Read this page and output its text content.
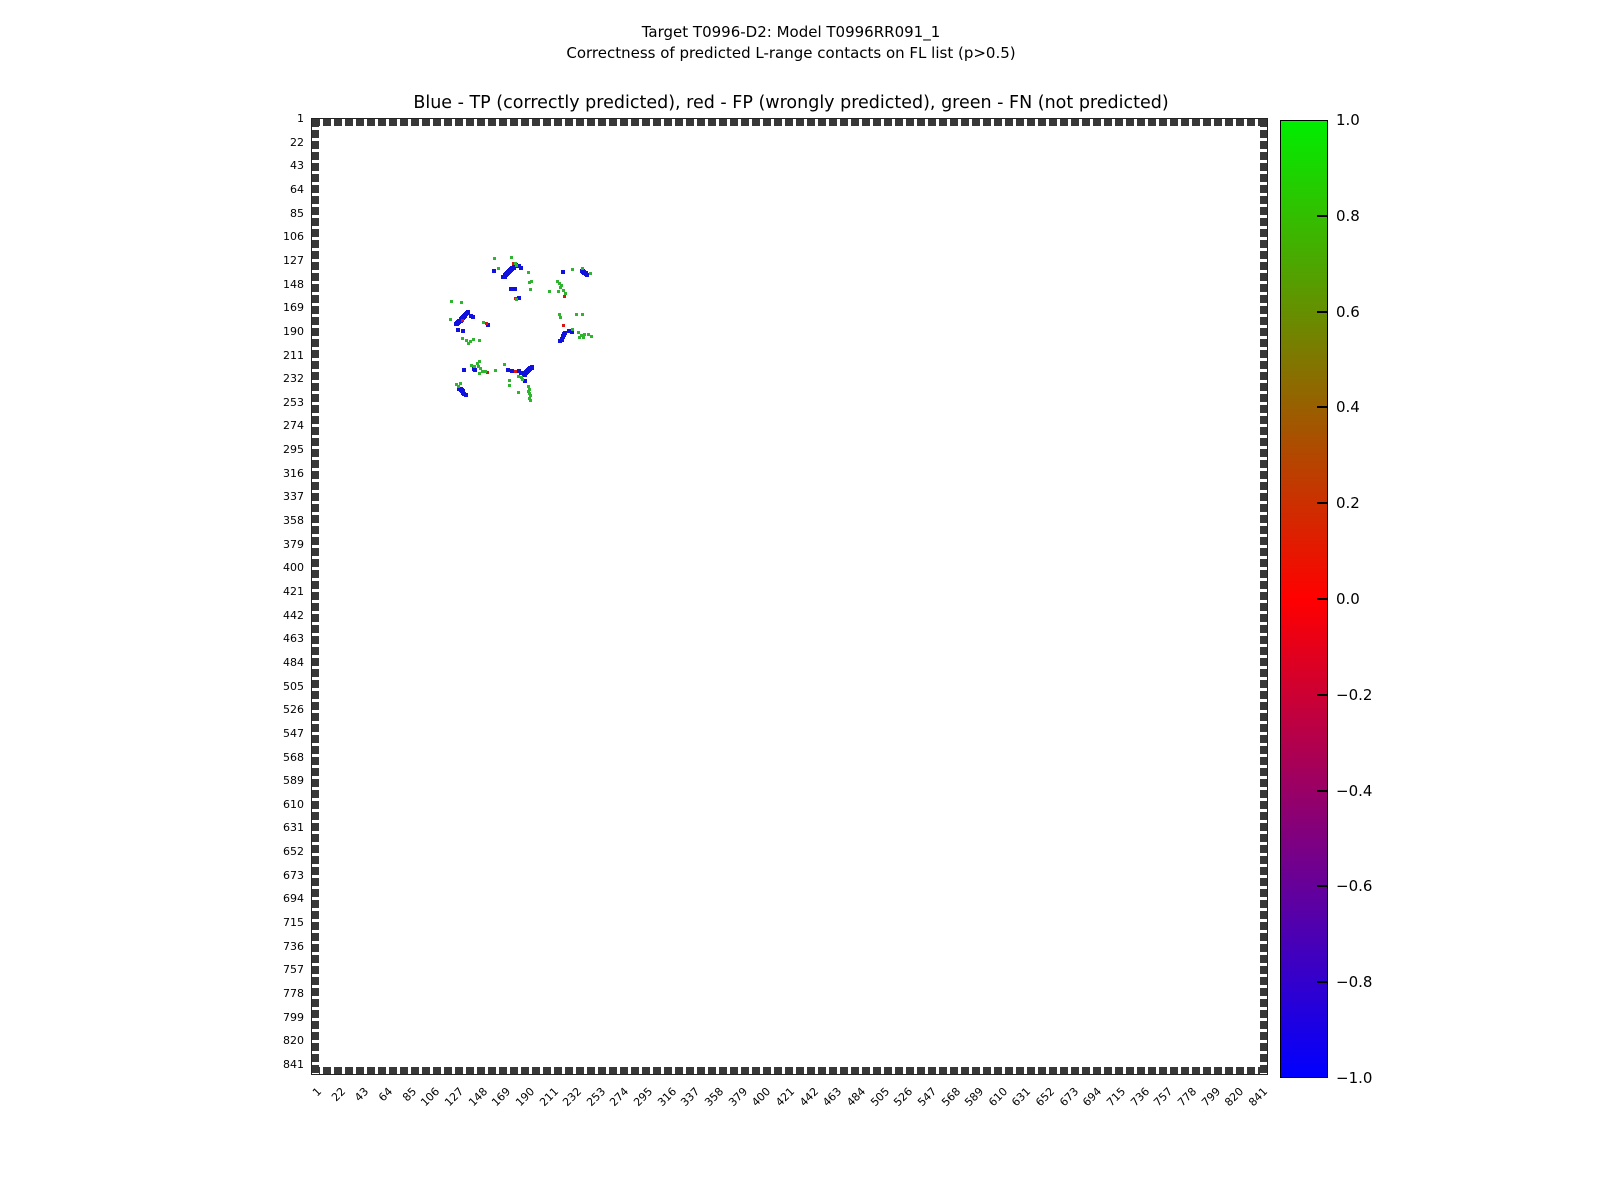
Target T0996-D2: Model T0996RR091_1
Correctness of predicted L-range contacts on FL list (p>0.5)
Blue - TP (correctly predicted), red - FP (wrongly predicted), green - FN (not predicted)
1
22
43
64
85
106
127
148
169
190
211
232
253
274
295
316
337
358
379
400
421
442
463
484
505
526
547
568
589
610
631
652
673
694
715
736
757
778
799
820
841
1 22 43 64 85 106 127 148 169 190 211 232 253 274 295 316 337 358 379 400 421 442 463 484 505 526 547 568 589 610 631 652 673 694 715 736 757 778 799 820 841
1.0
0.8
0.6
0.4
0.2
0.0
−0.2
−0.4
−0.6
−0.8
−1.0
